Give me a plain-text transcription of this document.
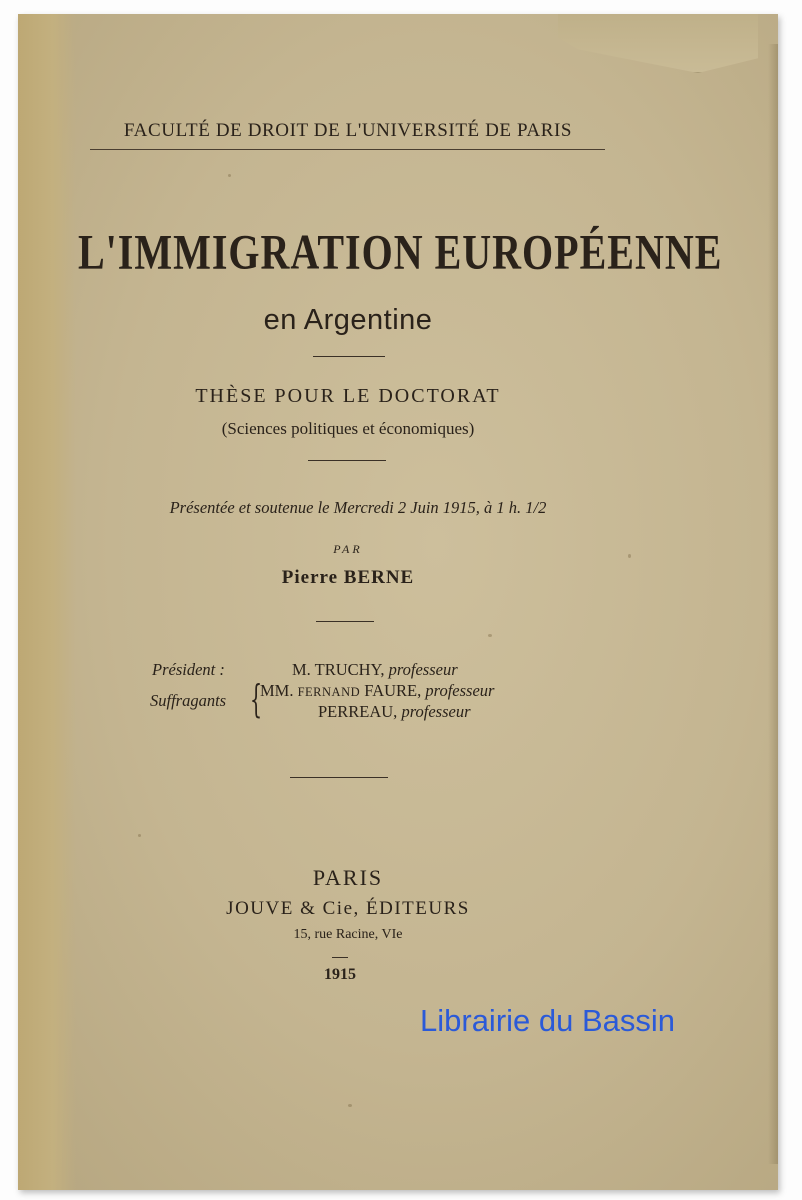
FACULTÉ DE DROIT DE L'UNIVERSITÉ DE PARIS
L'IMMIGRATION EUROPÉENNE
en Argentine
THÈSE POUR LE DOCTORAT
(Sciences politiques et économiques)
Présentée et soutenue le Mercredi 2 Juin 1915, à 1 h. 1/2
PAR
Pierre BERNE
Président :	M. TRUCHY, professeur
Suffragants {
MM. FERNAND FAURE, professeur
PERREAU, professeur
PARIS
JOUVE & Cie, ÉDITEURS
15, rue Racine, VIe
1915
Librairie du Bassin
